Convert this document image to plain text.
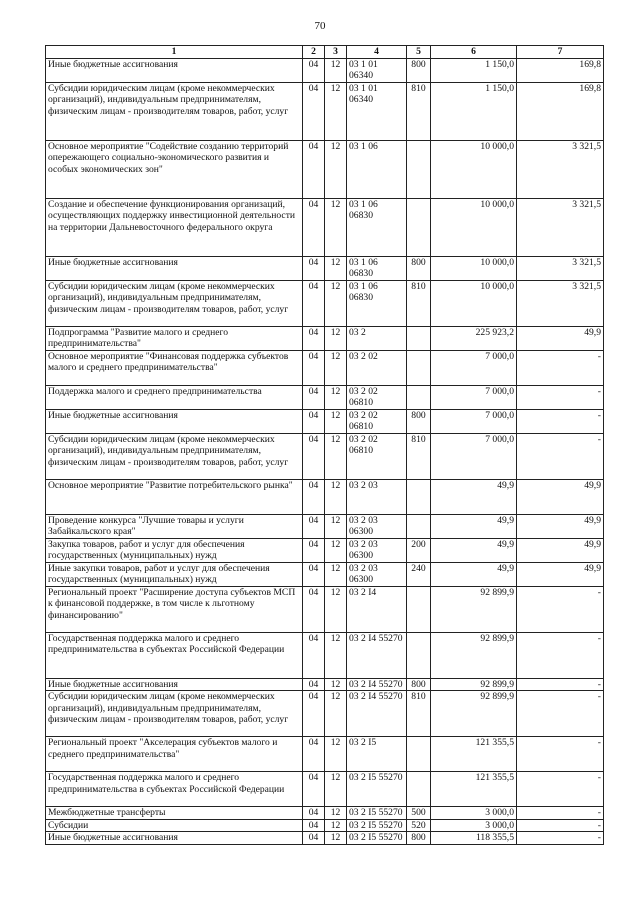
70
1	2	3	4	5	6	7
Иные бюджетные ассигнования	04	12	03 1 01 06340	800	1 150,0	169,8
Субсидии юридическим лицам (кроме некоммерческих организаций), индивидуальным предпринимателям, физическим лицам - производителям товаров, работ, услуг	04	12	03 1 01 06340	810	1 150,0	169,8
Основное мероприятие "Содействие созданию территорий опережающего социально-экономического развития и особых экономических зон"	04	12	03 1 06		10 000,0	3 321,5
Создание и обеспечение функционирования организаций, осуществляющих поддержку инвестиционной деятельности на территории Дальневосточного федерального округа	04	12	03 1 06 06830		10 000,0	3 321,5
Иные бюджетные ассигнования	04	12	03 1 06 06830	800	10 000,0	3 321,5
Субсидии юридическим лицам (кроме некоммерческих организаций), индивидуальным предпринимателям, физическим лицам - производителям товаров, работ, услуг	04	12	03 1 06 06830	810	10 000,0	3 321,5
Подпрограмма "Развитие малого и среднего предпринимательства"	04	12	03 2		225 923,2	49,9
Основное мероприятие "Финансовая поддержка субъектов малого и среднего предпринимательства"	04	12	03 2 02		7 000,0	-
Поддержка малого и среднего предпринимательства	04	12	03 2 02 06810		7 000,0	-
Иные бюджетные ассигнования	04	12	03 2 02 06810	800	7 000,0	-
Субсидии юридическим лицам (кроме некоммерческих организаций), индивидуальным предпринимателям, физическим лицам - производителям товаров, работ, услуг	04	12	03 2 02 06810	810	7 000,0	-
Основное мероприятие "Развитие потребительского рынка"	04	12	03 2 03		49,9	49,9
Проведение конкурса "Лучшие товары и услуги Забайкальского края"	04	12	03 2 03 06300		49,9	49,9
Закупка товаров, работ и услуг для обеспечения государственных (муниципальных) нужд	04	12	03 2 03 06300	200	49,9	49,9
Иные закупки товаров, работ и услуг для обеспечения государственных (муниципальных) нужд	04	12	03 2 03 06300	240	49,9	49,9
Региональный проект "Расширение доступа субъектов МСП к финансовой поддержке, в том числе к льготному финансированию"	04	12	03 2 I4		92 899,9	-
Государственная поддержка малого и среднего предпринимательства в субъектах Российской Федерации	04	12	03 2 I4 55270		92 899,9	-
Иные бюджетные ассигнования	04	12	03 2 I4 55270	800	92 899,9	-
Субсидии юридическим лицам (кроме некоммерческих организаций), индивидуальным предпринимателям, физическим лицам - производителям товаров, работ, услуг	04	12	03 2 I4 55270	810	92 899,9	-
Региональный проект "Акселерация субъектов малого и среднего предпринимательства"	04	12	03 2 I5		121 355,5	-
Государственная поддержка малого и среднего предпринимательства в субъектах Российской Федерации	04	12	03 2 I5 55270		121 355,5	-
Межбюджетные трансферты	04	12	03 2 I5 55270	500	3 000,0	-
Субсидии	04	12	03 2 I5 55270	520	3 000,0	-
Иные бюджетные ассигнования	04	12	03 2 I5 55270	800	118 355,5	-
